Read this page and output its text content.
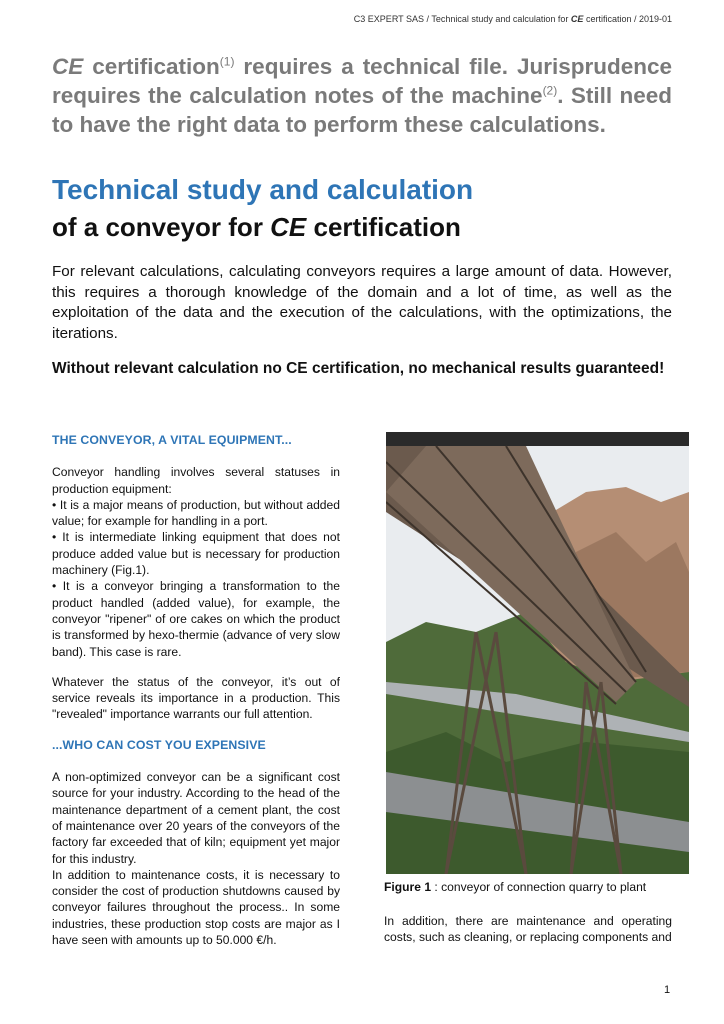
C3 EXPERT SAS / Technical study and calculation for CE certification / 2019-01
CE certification$^{(1)}$ requires a technical file. Jurisprudence requires the calculation notes of the machine$^{(2)}$. Still need to have the right data to perform these calculations.
Technical study and calculation
of a conveyor for CE certification
For relevant calculations, calculating conveyors requires a large amount of data. However, this requires a thorough knowledge of the domain and a lot of time, as well as the exploitation of the data and the execution of the calculations, with the optimizations, the iterations.
Without relevant calculation no CE certification, no mechanical results guaranteed!
THE CONVEYOR, A VITAL EQUIPMENT...
Conveyor handling involves several statuses in production equipment:
• It is a major means of production, but without added value; for example for handling in a port.
• It is intermediate linking equipment that does not produce added value but is necessary for production machinery (Fig.1).
• It is a conveyor bringing a transformation to the product handled (added value), for example, the conveyor "ripener" of ore cakes on which the product is transformed by hexo-thermie (advance of very slow band). This case is rare.
Whatever the status of the conveyor, it’s out of service reveals its importance in a production. This "revealed" importance warrants our full attention.
...WHO CAN COST YOU EXPENSIVE
A non-optimized conveyor can be a significant cost source for your industry. According to the head of the maintenance department of a cement plant, the cost of maintenance over 20 years of the conveyors of the factory far exceeded that of kiln; equipment yet major for this industry.
In addition to maintenance costs, it is necessary to consider the cost of production shutdowns caused by conveyor failures throughout the process.. In some industries, these production stop costs are major as I have seen with amounts up to 50.000 €/h.
Figure 1 : conveyor of connection quarry to plant
In addition, there are maintenance and operating costs, such as cleaning, or replacing components and
1
